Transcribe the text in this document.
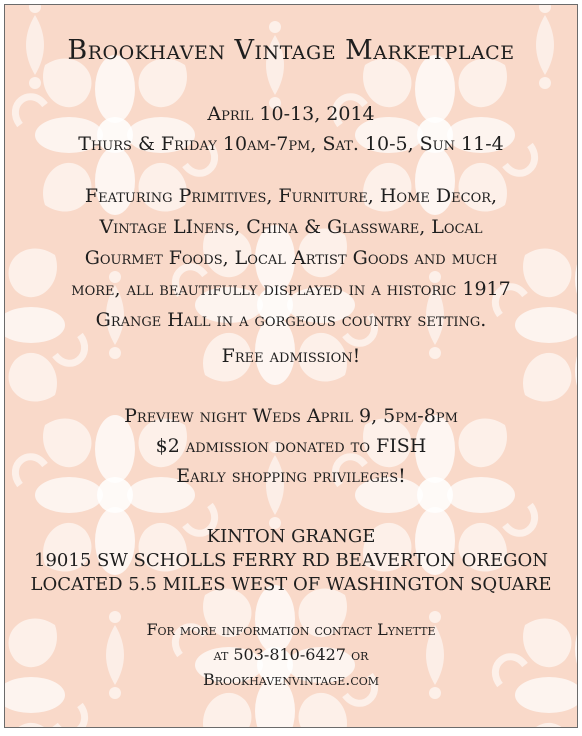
Brookhaven Vintage Marketplace
April 10-13, 2014
Thurs & Friday 10am-7pm, Sat. 10-5, Sun 11-4
Featuring Primitives, Furniture, Home Decor,
Vintage LInens, China & Glassware, Local
Gourmet Foods, Local Artist Goods and much
more, all beautifully displayed in a historic 1917
Grange Hall in a gorgeous country setting.
Free admission!
Preview night Weds April 9, 5pm-8pm
$2 admission donated to FISH
Early shopping privileges!
KINTON GRANGE
19015 SW SCHOLLS FERRY RD BEAVERTON OREGON
LOCATED 5.5 MILES WEST OF WASHINGTON SQUARE
For more information contact Lynette
at 503-810-6427 or
Brookhavenvintage.com
